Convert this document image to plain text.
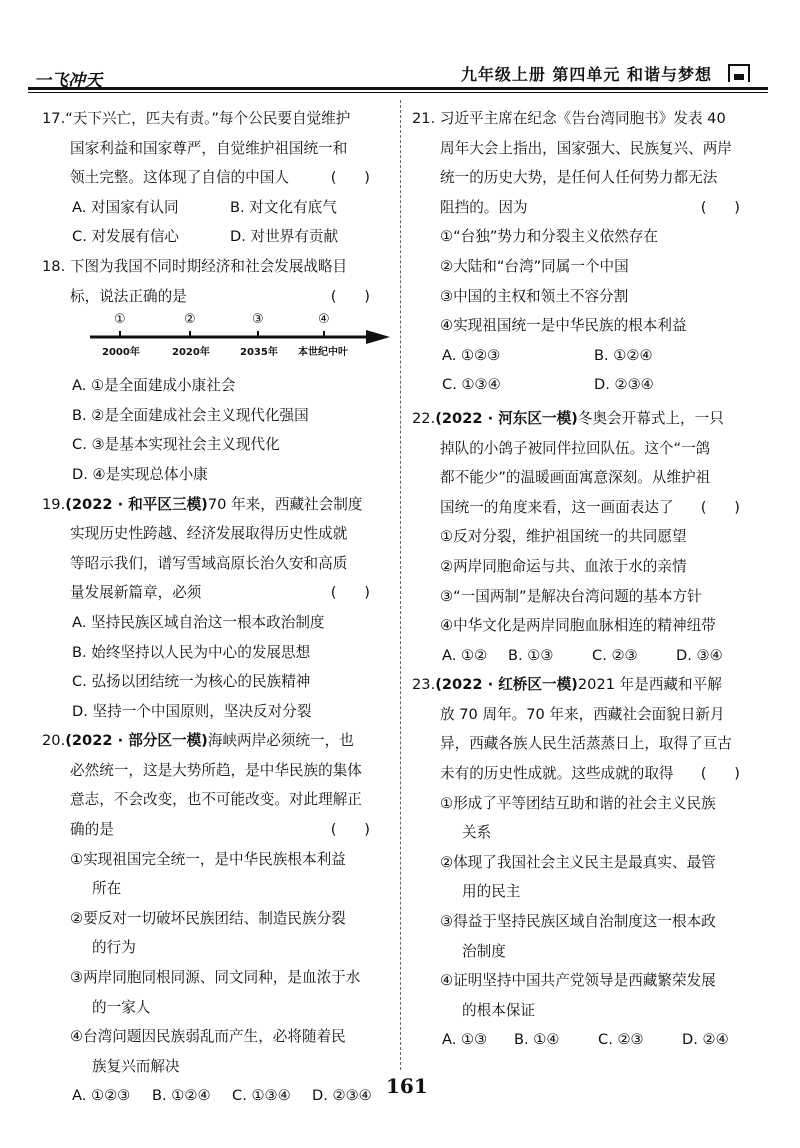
一飞冲天	九年级上册 第四单元 和谐与梦想
17.“天下兴亡，匹夫有责。”每个公民要自觉维护
国家利益和国家尊严，自觉维护祖国统一和
领土完整。这体现了自信的中国人	(      )
A. 对国家有认同	B. 对文化有底气
C. 对发展有信心	D. 对世界有贡献
18. 下图为我国不同时期经济和社会发展战略目
标，说法正确的是	(      )
①	②	③	④
2000年	2020年	2035年 本世纪中叶
A. ①是全面建成小康社会
B. ②是全面建成社会主义现代化强国
C. ③是基本实现社会主义现代化
D. ④是实现总体小康
19.(2022 · 和平区三模)70 年来，西藏社会制度
实现历史性跨越、经济发展取得历史性成就
等昭示我们，谱写雪域高原长治久安和高质
量发展新篇章，必须	(      )
A. 坚持民族区域自治这一根本政治制度
B. 始终坚持以人民为中心的发展思想
C. 弘扬以团结统一为核心的民族精神
D. 坚持一个中国原则，坚决反对分裂
20.(2022 · 部分区一模)海峡两岸必须统一，也
必然统一，这是大势所趋，是中华民族的集体
意志，不会改变，也不可能改变。对此理解正
确的是	(      )
①实现祖国完全统一，是中华民族根本利益
所在
②要反对一切破坏民族团结、制造民族分裂
的行为
③两岸同胞同根同源、同文同种，是血浓于水
的一家人
④台湾问题因民族弱乱而产生，必将随着民
族复兴而解决
A. ①②③ B. ①②④ C. ①③④ D. ②③④
21. 习近平主席在纪念《告台湾同胞书》发表 40
周年大会上指出，国家强大、民族复兴、两岸
统一的历史大势，是任何人任何势力都无法
阻挡的。因为	(      )
①“台独”势力和分裂主义依然存在
②大陆和“台湾”同属一个中国
③中国的主权和领土不容分割
④实现祖国统一是中华民族的根本利益
A. ①②③	B. ①②④
C. ①③④	D. ②③④
22.(2022 · 河东区一模)冬奥会开幕式上，一只
掉队的小鸽子被同伴拉回队伍。这个“一鸽
都不能少”的温暖画面寓意深刻。从维护祖
国统一的角度来看，这一画面表达了 (      )
①反对分裂，维护祖国统一的共同愿望
②两岸同胞命运与共、血浓于水的亲情
③“一国两制”是解决台湾问题的基本方针
④中华文化是两岸同胞血脉相连的精神纽带
A. ①② B. ①③	C. ②③	D. ③④
23.(2022 · 红桥区一模)2021 年是西藏和平解
放 70 周年。70 年来，西藏社会面貌日新月
异，西藏各族人民生活蒸蒸日上，取得了亘古
未有的历史性成就。这些成就的取得 (      )
①形成了平等团结互助和谐的社会主义民族
关系
②体现了我国社会主义民主是最真实、最管
用的民主
③得益于坚持民族区域自治制度这一根本政
治制度
④证明坚持中国共产党领导是西藏繁荣发展
的根本保证
A. ①③ B. ①④	C. ②③	D. ②④
161
